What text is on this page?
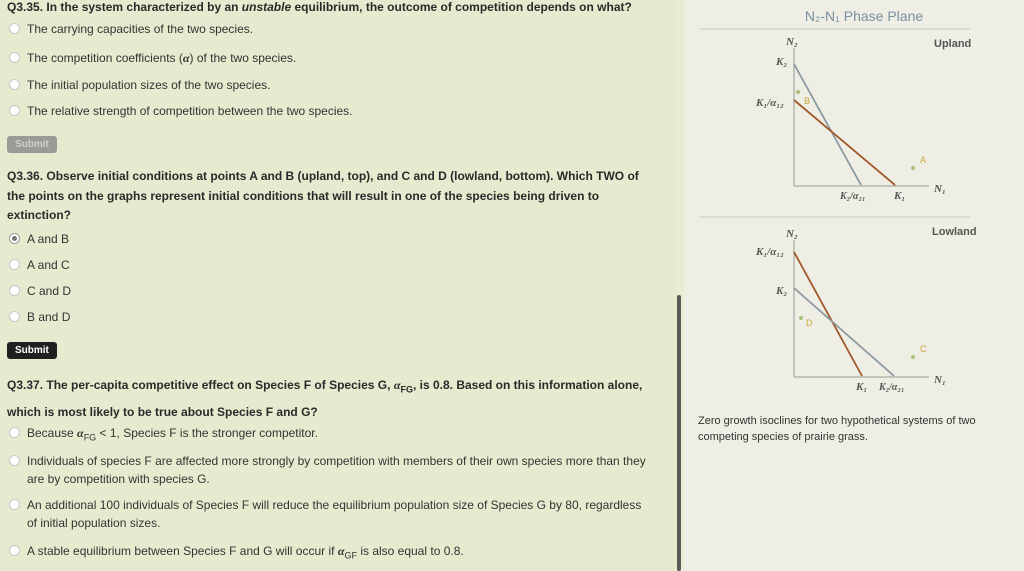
Q3.35. In the system characterized by an unstable equilibrium, the outcome of competition depends on what?
The carrying capacities of the two species.
The competition coefficients (α) of the two species.
The initial population sizes of the two species.
The relative strength of competition between the two species.
Submit
Q3.36. Observe initial conditions at points A and B (upland, top), and C and D (lowland, bottom). Which TWO of
the points on the graphs represent initial conditions that will result in one of the species being driven to
extinction?
A and B
A and C
C and D
B and D
Submit
Q3.37. The per-capita competitive effect on Species F of Species G, $\alpha_{FG}$, is 0.8. Based on this information alone,
which is most likely to be true about Species F and G?
Because $\alpha_{FG} < 1$, Species F is the stronger competitor.
Individuals of species F are affected more strongly by competition with members of their own species more than they
are by competition with species G.
An additional 100 individuals of Species F will reduce the equilibrium population size of Species G by 80, regardless
of initial population sizes.
A stable equilibrium between Species F and G will occur if $\alpha_{GF}$ is also equal to 0.8.
N₂-N₁ Phase Plane
Upland
N₂
N₁
K₂
K₁/α₁₂
K₂/α₂₁	K₁
B
A
Lowland
N₂
N₁
K₁/α₁₂
K₂
K₁ K₂/α₂₁
D
C
Zero growth isoclines for two hypothetical systems of two competing species of prairie grass.
